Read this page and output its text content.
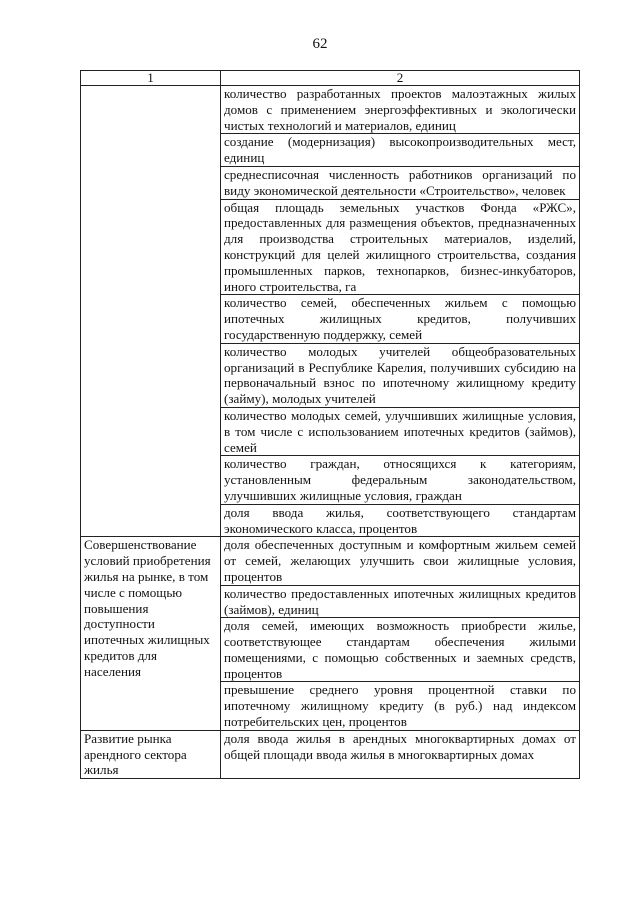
62
1	2
	количество разработанных проектов малоэтажных жилых домов с применением энергоэффективных и экологически чистых технологий и материалов, единиц
	создание (модернизация) высокопроизводительных мест, единиц
	среднесписочная численность работников организаций по виду экономической деятельности «Строительство», человек
	общая площадь земельных участков Фонда «РЖС», предоставленных для размещения объектов, предназначенных для производства строительных материалов, изделий, конструкций для целей жилищного строительства, создания промышленных парков, технопарков, бизнес-инкубаторов, иного строительства, га
	количество семей, обеспеченных жильем с помощью ипотечных жилищных кредитов, получивших государственную поддержку, семей
	количество молодых учителей общеобразовательных организаций в Республике Карелия, получивших субсидию на первоначальный взнос по ипотечному жилищному кредиту (займу), молодых учителей
	количество молодых семей, улучшивших жилищные условия, в том числе с использованием ипотечных кредитов (займов), семей
	количество граждан, относящихся к категориям, установленным федеральным законодательством, улучшивших жилищные условия, граждан
	доля ввода жилья, соответствующего стандартам экономического класса, процентов
Совершенствование условий приобретения жилья на рынке, в том числе с помощью повышения доступности ипотечных жилищных кредитов для населения	доля обеспеченных доступным и комфортным жильем семей от семей, желающих улучшить свои жилищные условия, процентов
	количество предоставленных ипотечных жилищных кредитов (займов), единиц
	доля семей, имеющих возможность приобрести жилье, соответствующее стандартам обеспечения жилыми помещениями, с помощью собственных и заемных средств, процентов
	превышение среднего уровня процентной ставки по ипотечному жилищному кредиту (в руб.) над индексом потребительских цен, процентов
Развитие рынка арендного сектора жилья	доля ввода жилья в арендных многоквартирных домах от общей площади ввода жилья в многоквартирных домах
